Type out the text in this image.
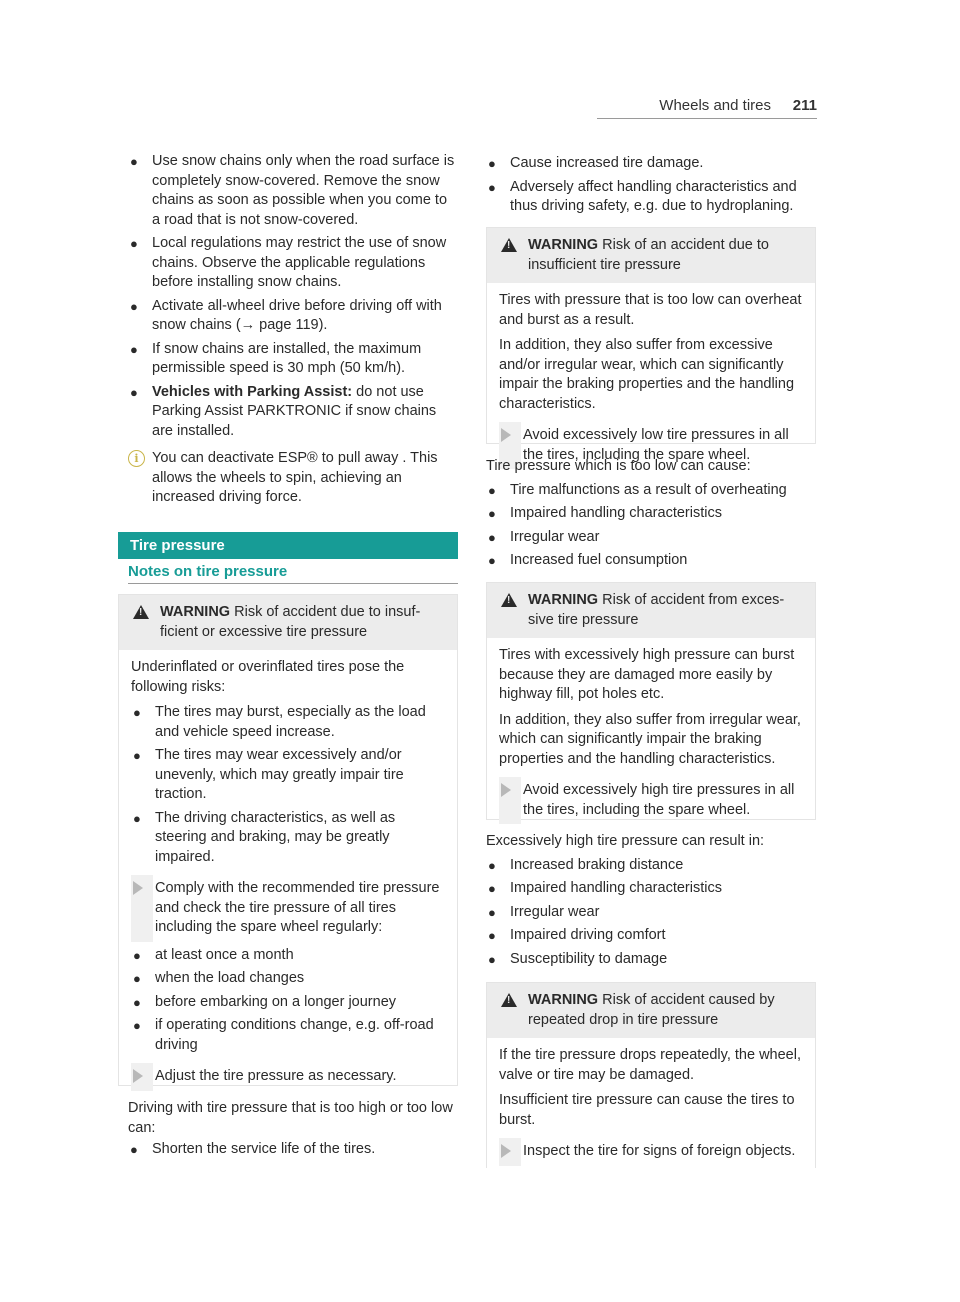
Wheels and tires 211
● Use snow chains only when the road surface is completely snow-covered. Remove the snow chains as soon as possible when you come to a road that is not snow-covered.
● Local regulations may restrict the use of snow chains. Observe the applicable regulations before installing snow chains.
● Activate all-wheel drive before driving off with snow chains (→ page 119).
● If snow chains are installed, the maximum permissible speed is 30 mph (50 km/h).
● Vehicles with Parking Assist: do not use Parking Assist PARKTRONIC if snow chains are installed.
i You can deactivate ESP® to pull away . This allows the wheels to spin, achieving an increased driving force.
Tire pressure
Notes on tire pressure
! WARNING Risk of accident due to insufficient or excessive tire pressure

Underinflated or overinflated tires pose the following risks:

● The tires may burst, especially as the load and vehicle speed increase.
● The tires may wear excessively and/or unevenly, which may greatly impair tire traction.
● The driving characteristics, as well as steering and braking, may be greatly impaired.
Comply with the recommended tire pressure and check the tire pressure of all tires including the spare wheel regularly:
● at least once a month
● when the load changes
● before embarking on a longer journey
● if operating conditions change, e.g. off-road driving
Adjust the tire pressure as necessary.

Driving with tire pressure that is too high or too low can:

● Shorten the service life of the tires.
● Cause increased tire damage.
● Adversely affect handling characteristics and thus driving safety, e.g. due to hydroplaning.
! WARNING Risk of an accident due to insufficient tire pressure

Tires with pressure that is too low can overheat and burst as a result.

In addition, they also suffer from excessive and/or irregular wear, which can significantly impair the braking properties and the handling characteristics.

Avoid excessively low tire pressures in all the tires, including the spare wheel.

Tire pressure which is too low can cause:

● Tire malfunctions as a result of overheating
● Impaired handling characteristics
● Irregular wear
● Increased fuel consumption
! WARNING Risk of accident from excessive tire pressure

Tires with excessively high pressure can burst because they are damaged more easily by highway fill, pot holes etc.

In addition, they also suffer from irregular wear, which can significantly impair the braking properties and the handling characteristics.

Avoid excessively high tire pressures in all the tires, including the spare wheel.

Excessively high tire pressure can result in:

● Increased braking distance
● Impaired handling characteristics
● Irregular wear
● Impaired driving comfort
● Susceptibility to damage
! WARNING Risk of accident caused by repeated drop in tire pressure

If the tire pressure drops repeatedly, the wheel, valve or tire may be damaged.

Insufficient tire pressure can cause the tires to burst.

Inspect the tire for signs of foreign objects.
